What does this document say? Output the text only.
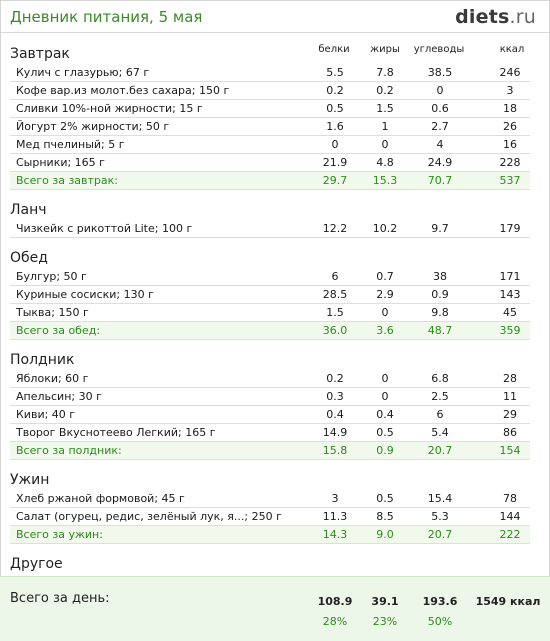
Дневник питания, 5 мая	diets.ru
белки	жиры	углеводы	ккал
Завтрак
Кулич с глазурью; 67 г	5.5	7.8	38.5	246
Кофе вар.из молот.без сахара; 150 г	0.2	0.2	0	3
Сливки 10%-ной жирности; 15 г	0.5	1.5	0.6	18
Йогурт 2% жирности; 50 г	1.6	1	2.7	26
Мед пчелиный; 5 г	0	0	4	16
Сырники; 165 г	21.9	4.8	24.9	228
Всего за завтрак:	29.7	15.3	70.7	537
Ланч
Чизкейк с рикоттой Lite; 100 г	12.2	10.2	9.7	179
Обед
Булгур; 50 г	6	0.7	38	171
Куриные сосиски; 130 г	28.5	2.9	0.9	143
Тыква; 150 г	1.5	0	9.8	45
Всего за обед:	36.0	3.6	48.7	359
Полдник
Яблоки; 60 г	0.2	0	6.8	28
Апельсин; 30 г	0.3	0	2.5	11
Киви; 40 г	0.4	0.4	6	29
Творог Вкуснотеево Легкий; 165 г	14.9	0.5	5.4	86
Всего за полдник:	15.8	0.9	20.7	154
Ужин
Хлеб ржаной формовой; 45 г	3	0.5	15.4	78
Салат (огурец, редис, зелёный лук, я...; 250 г	11.3	8.5	5.3	144
Всего за ужин:	14.3	9.0	20.7	222
Другое
Всего за день:	108.9	39.1	193.6	1549 ккал
28%	23%	50%
